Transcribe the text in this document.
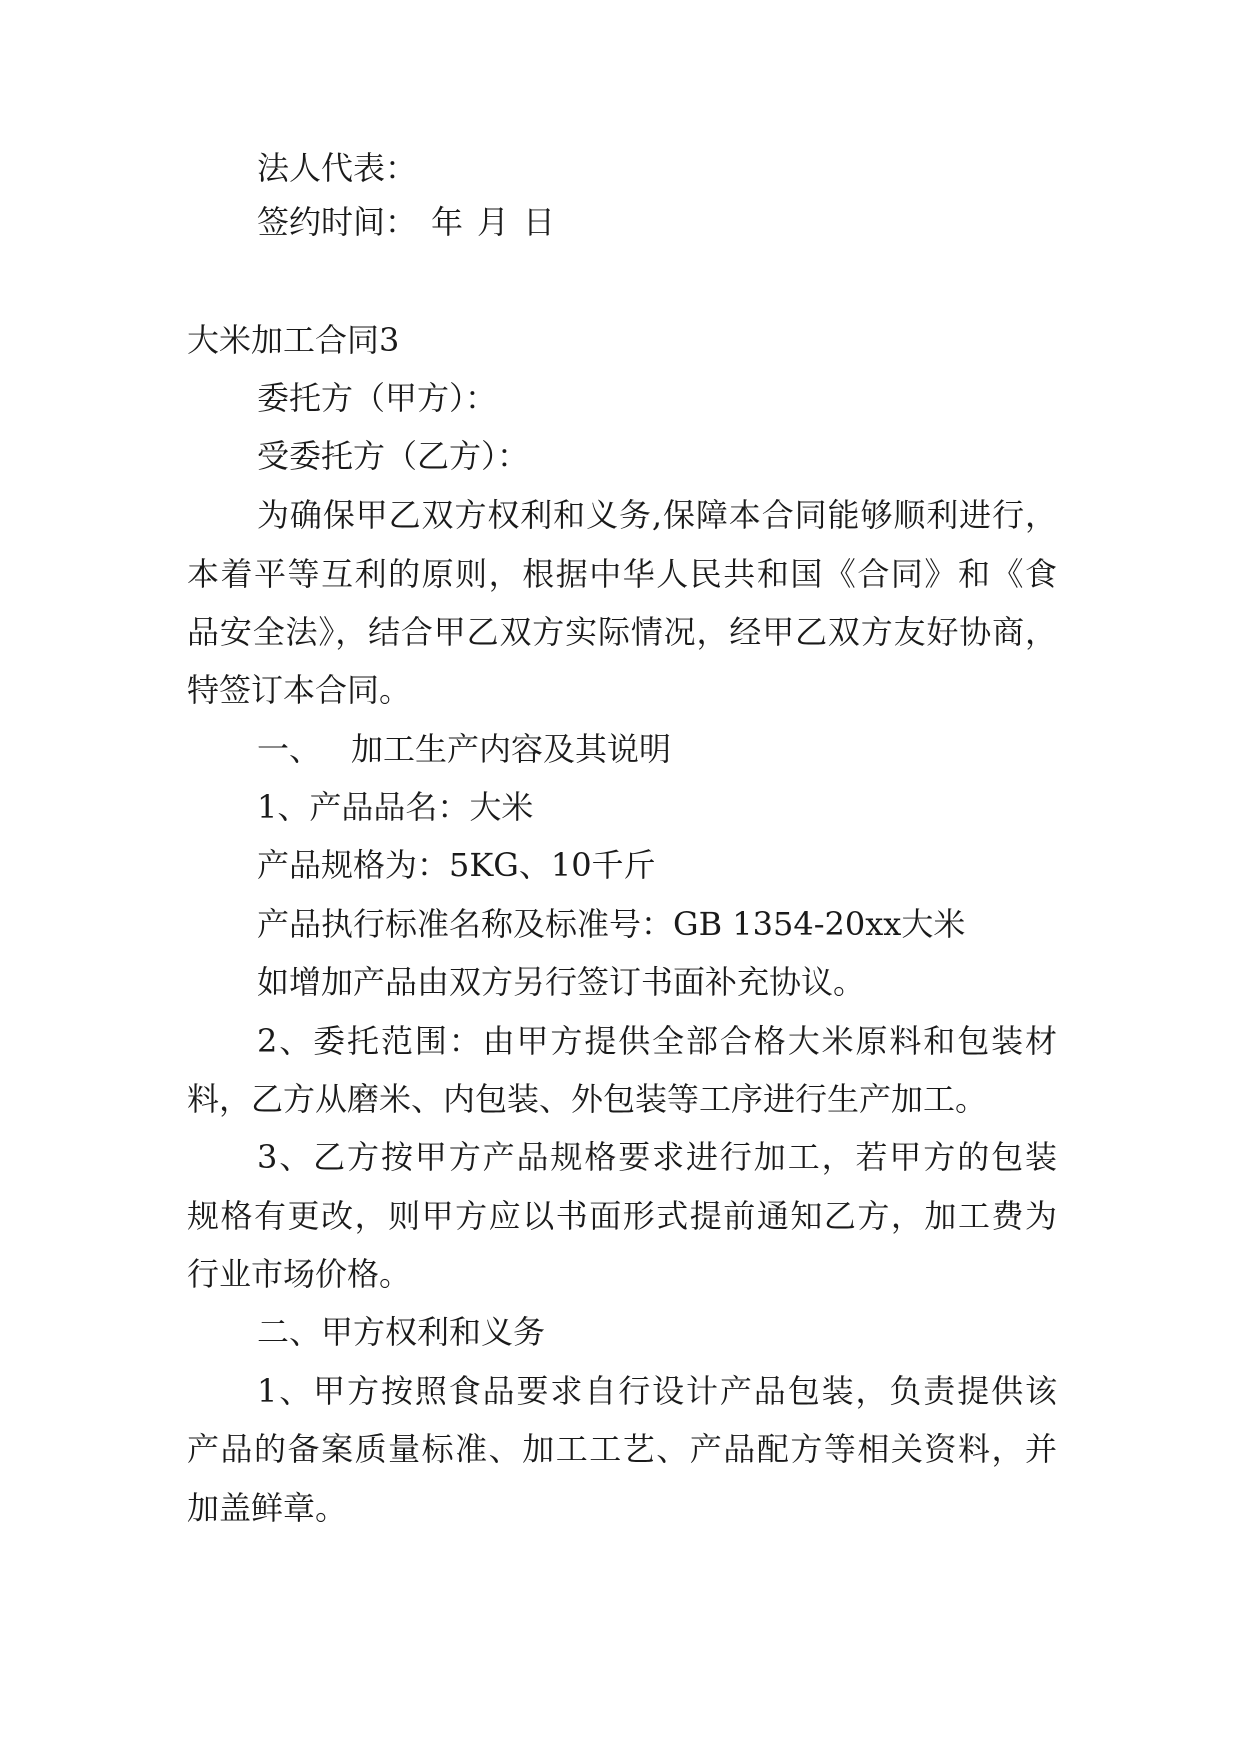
法人代表：
签约时间： 年 月 日
大米加工合同3
委托方（甲方）：
受委托方（乙方）：
为确保甲乙双方权利和义务,保障本合同能够顺利进行，
本着平等互利的原则，根据中华人民共和国《合同》和《食
品安全法》，结合甲乙双方实际情况，经甲乙双方友好协商，
特签订本合同。
一、 加工生产内容及其说明
1、产品品名：大米
产品规格为：5KG、10千斤
产品执行标准名称及标准号：GB 1354-20xx大米
如增加产品由双方另行签订书面补充协议。
2、委托范围：由甲方提供全部合格大米原料和包装材
料，乙方从磨米、内包装、外包装等工序进行生产加工。
3、乙方按甲方产品规格要求进行加工，若甲方的包装
规格有更改，则甲方应以书面形式提前通知乙方，加工费为
行业市场价格。
二、甲方权利和义务
1、甲方按照食品要求自行设计产品包装，负责提供该
产品的备案质量标准、加工工艺、产品配方等相关资料，并
加盖鲜章。
